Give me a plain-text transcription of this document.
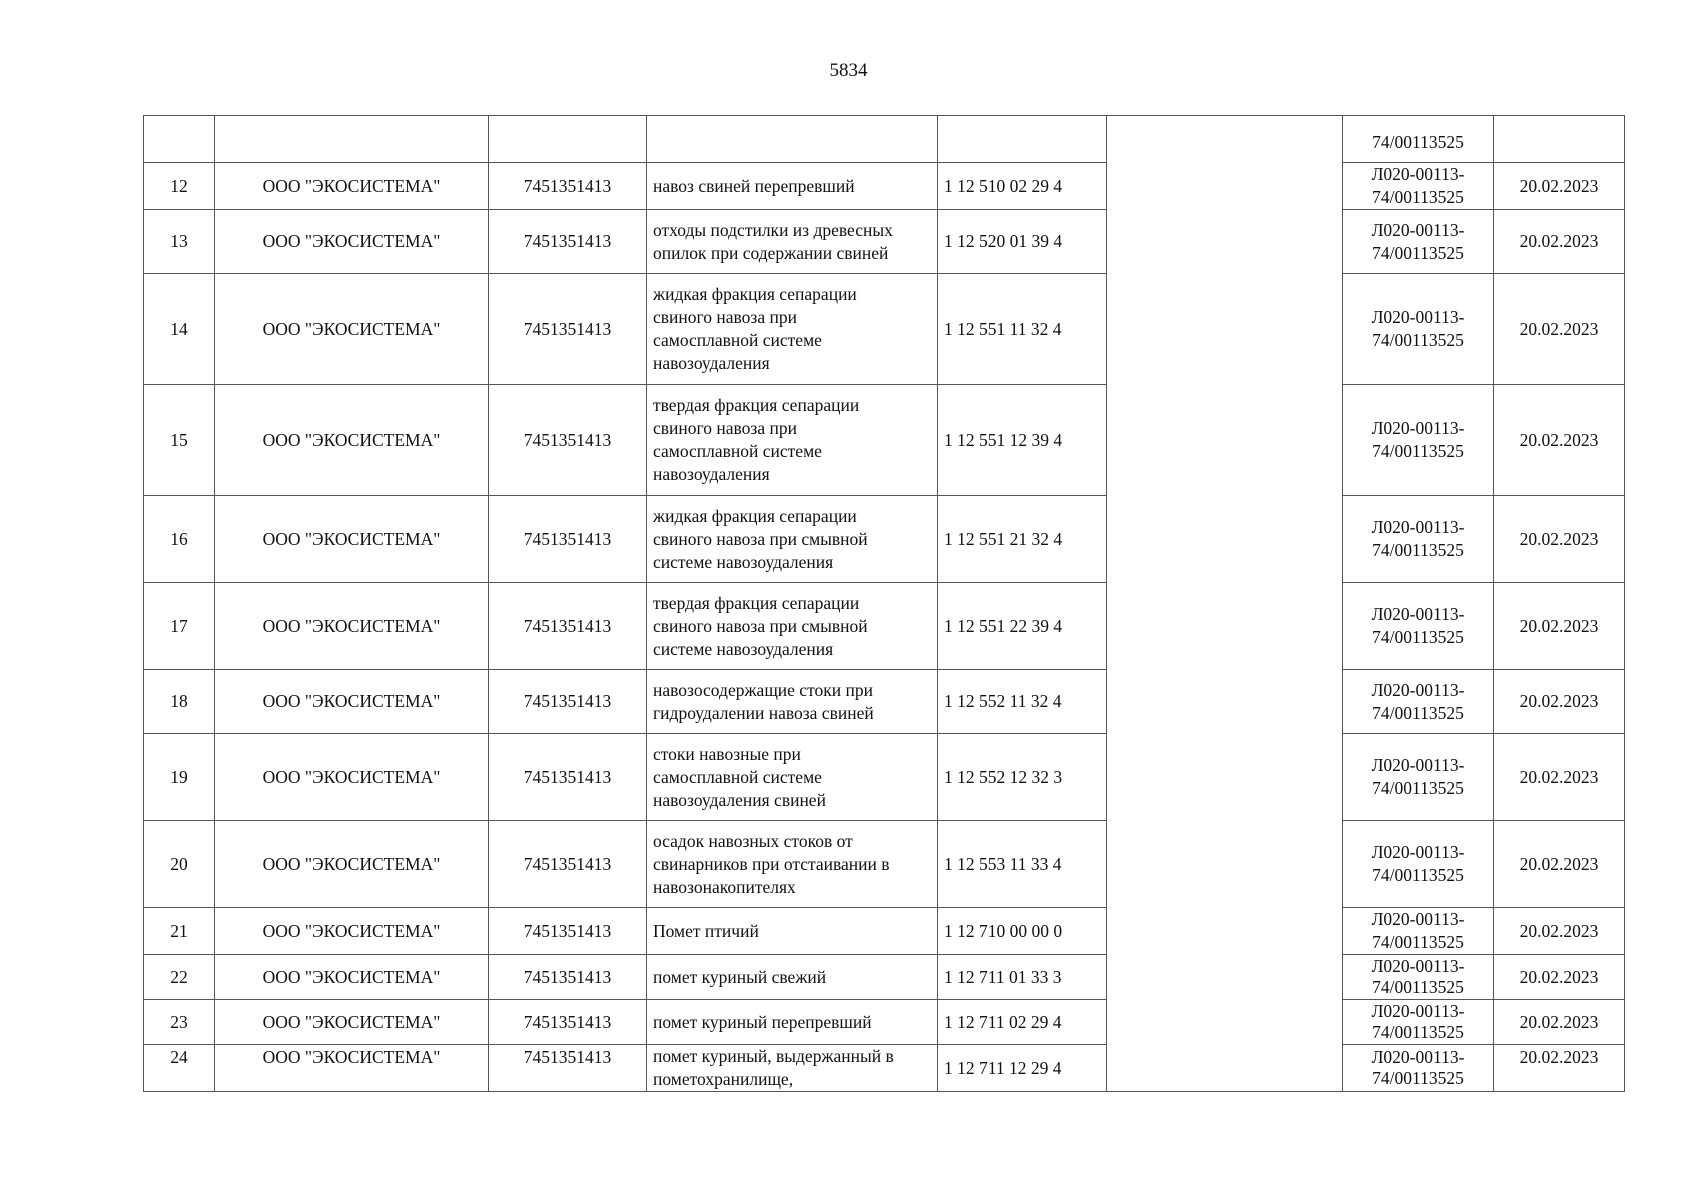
5834
						74/00113525	
12	ООО "ЭКОСИСТЕМА"	7451351413	навоз свиней перепревший	1 12 510 02 29 4		Л020-00113-
74/00113525	20.02.2023
13	ООО "ЭКОСИСТЕМА"	7451351413	отходы подстилки из древесных
опилок при содержании свиней	1 12 520 01 39 4		Л020-00113-
74/00113525	20.02.2023
14	ООО "ЭКОСИСТЕМА"	7451351413	жидкая фракция сепарации
свиного навоза при
самосплавной системе
навозоудаления	1 12 551 11 32 4		Л020-00113-
74/00113525	20.02.2023
15	ООО "ЭКОСИСТЕМА"	7451351413	твердая фракция сепарации
свиного навоза при
самосплавной системе
навозоудаления	1 12 551 12 39 4		Л020-00113-
74/00113525	20.02.2023
16	ООО "ЭКОСИСТЕМА"	7451351413	жидкая фракция сепарации
свиного навоза при смывной
системе навозоудаления	1 12 551 21 32 4		Л020-00113-
74/00113525	20.02.2023
17	ООО "ЭКОСИСТЕМА"	7451351413	твердая фракция сепарации
свиного навоза при смывной
системе навозоудаления	1 12 551 22 39 4		Л020-00113-
74/00113525	20.02.2023
18	ООО "ЭКОСИСТЕМА"	7451351413	навозосодержащие стоки при
гидроудалении навоза свиней	1 12 552 11 32 4		Л020-00113-
74/00113525	20.02.2023
19	ООО "ЭКОСИСТЕМА"	7451351413	стоки навозные при
самосплавной системе
навозоудаления свиней	1 12 552 12 32 3		Л020-00113-
74/00113525	20.02.2023
20	ООО "ЭКОСИСТЕМА"	7451351413	осадок навозных стоков от
свинарников при отстаивании в
навозонакопителях	1 12 553 11 33 4		Л020-00113-
74/00113525	20.02.2023
21	ООО "ЭКОСИСТЕМА"	7451351413	Помет птичий	1 12 710 00 00 0		Л020-00113-
74/00113525	20.02.2023
22	ООО "ЭКОСИСТЕМА"	7451351413	помет куриный свежий	1 12 711 01 33 3		Л020-00113-
74/00113525	20.02.2023
23	ООО "ЭКОСИСТЕМА"	7451351413	помет куриный перепревший	1 12 711 02 29 4		Л020-00113-
74/00113525	20.02.2023
24	ООО "ЭКОСИСТЕМА"	7451351413	помет куриный, выдержанный в
пометохранилище,	1 12 711 12 29 4		Л020-00113-
74/00113525	20.02.2023
